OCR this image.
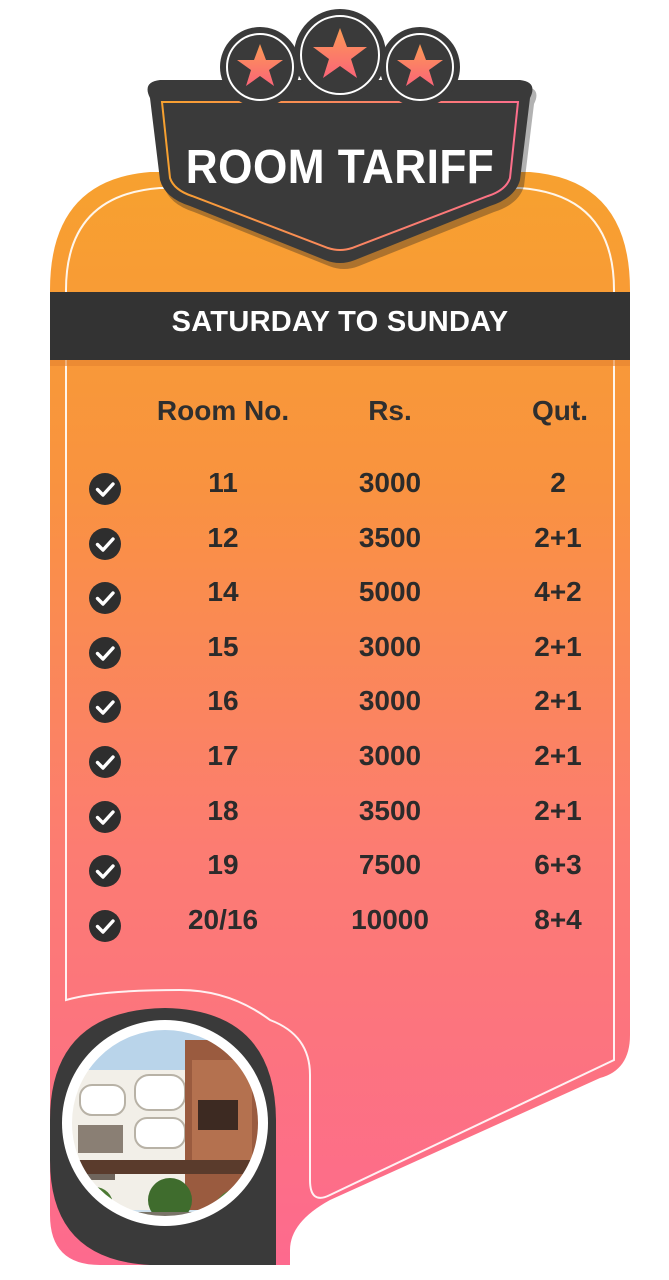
ROOM TARIFF
SATURDAY TO SUNDAY
Room No.	Rs.	Qut.
11	3000	2
12	3500	2+1
14	5000	4+2
15	3000	2+1
16	3000	2+1
17	3000	2+1
18	3500	2+1
19	7500	6+3
20/16	10000	8+4
